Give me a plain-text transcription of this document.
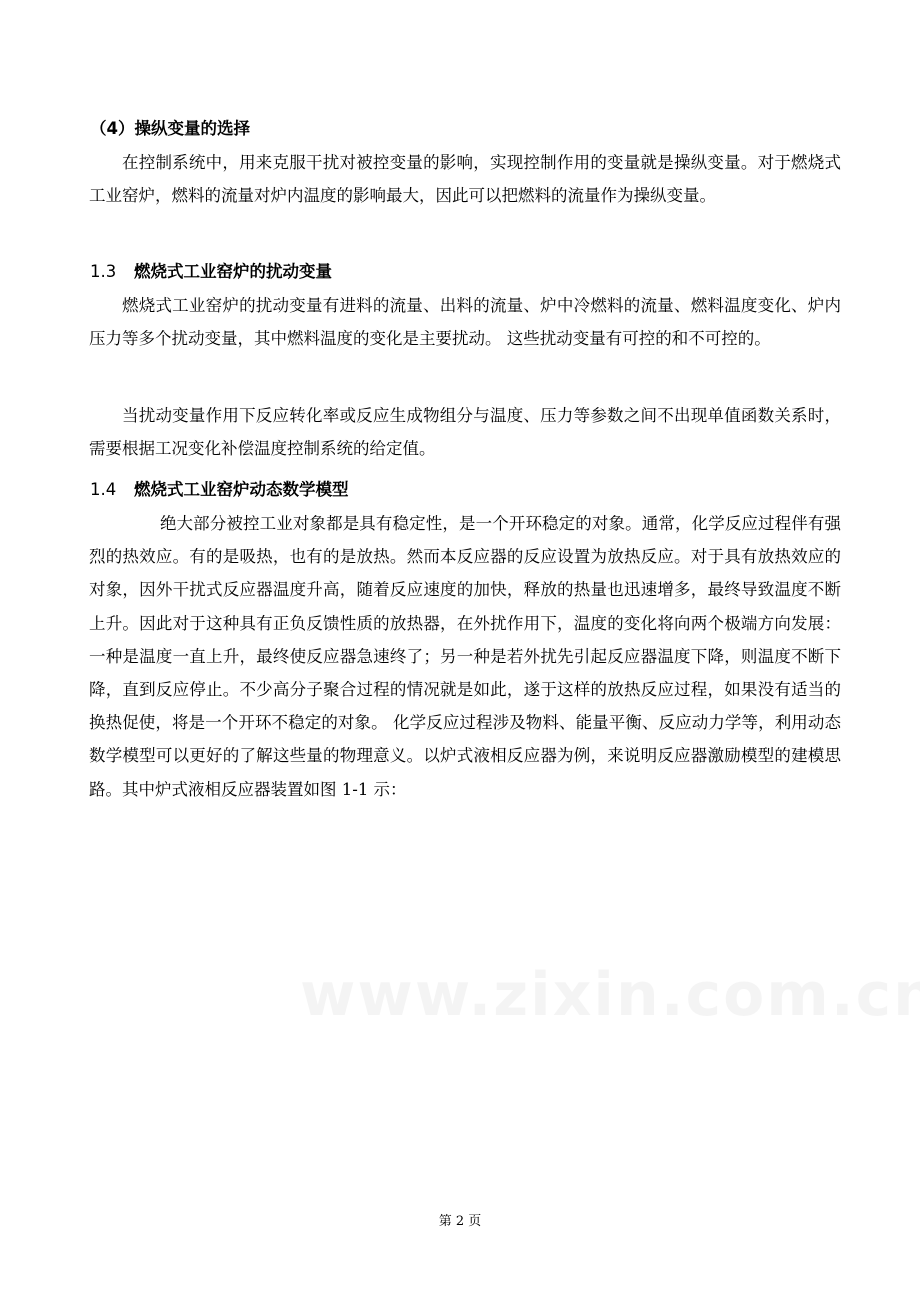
（4）操纵变量的选择

在控制系统中，用来克服干扰对被控变量的影响，实现控制作用的变量就是操纵变量。对于燃烧式工业窑炉，燃料的流量对炉内温度的影响最大，因此可以把燃料的流量作为操纵变量。

1.3 燃烧式工业窑炉的扰动变量

燃烧式工业窑炉的扰动变量有进料的流量、出料的流量、炉中冷燃料的流量、燃料温度变化、炉内压力等多个扰动变量，其中燃料温度的变化是主要扰动。 这些扰动变量有可控的和不可控的。

当扰动变量作用下反应转化率或反应生成物组分与温度、压力等参数之间不出现单值函数关系时，需要根据工况变化补偿温度控制系统的给定值。

1.4 燃烧式工业窑炉动态数学模型

绝大部分被控工业对象都是具有稳定性，是一个开环稳定的对象。通常，化学反应过程伴有强烈的热效应。有的是吸热，也有的是放热。然而本反应器的反应设置为放热反应。对于具有放热效应的对象，因外干扰式反应器温度升高，随着反应速度的加快，释放的热量也迅速增多，最终导致温度不断上升。因此对于这种具有正负反馈性质的放热器，在外扰作用下，温度的变化将向两个极端方向发展：一种是温度一直上升，最终使反应器急速终了；另一种是若外扰先引起反应器温度下降，则温度不断下降，直到反应停止。不少高分子聚合过程的情况就是如此，遂于这样的放热反应过程，如果没有适当的换热促使，将是一个开环不稳定的对象。 化学反应过程涉及物料、能量平衡、反应动力学等，利用动态数学模型可以更好的了解这些量的物理意义。以炉式液相反应器为例，来说明反应器激励模型的建模思路。其中炉式液相反应器装置如图 1-1 示：

第 2 页
